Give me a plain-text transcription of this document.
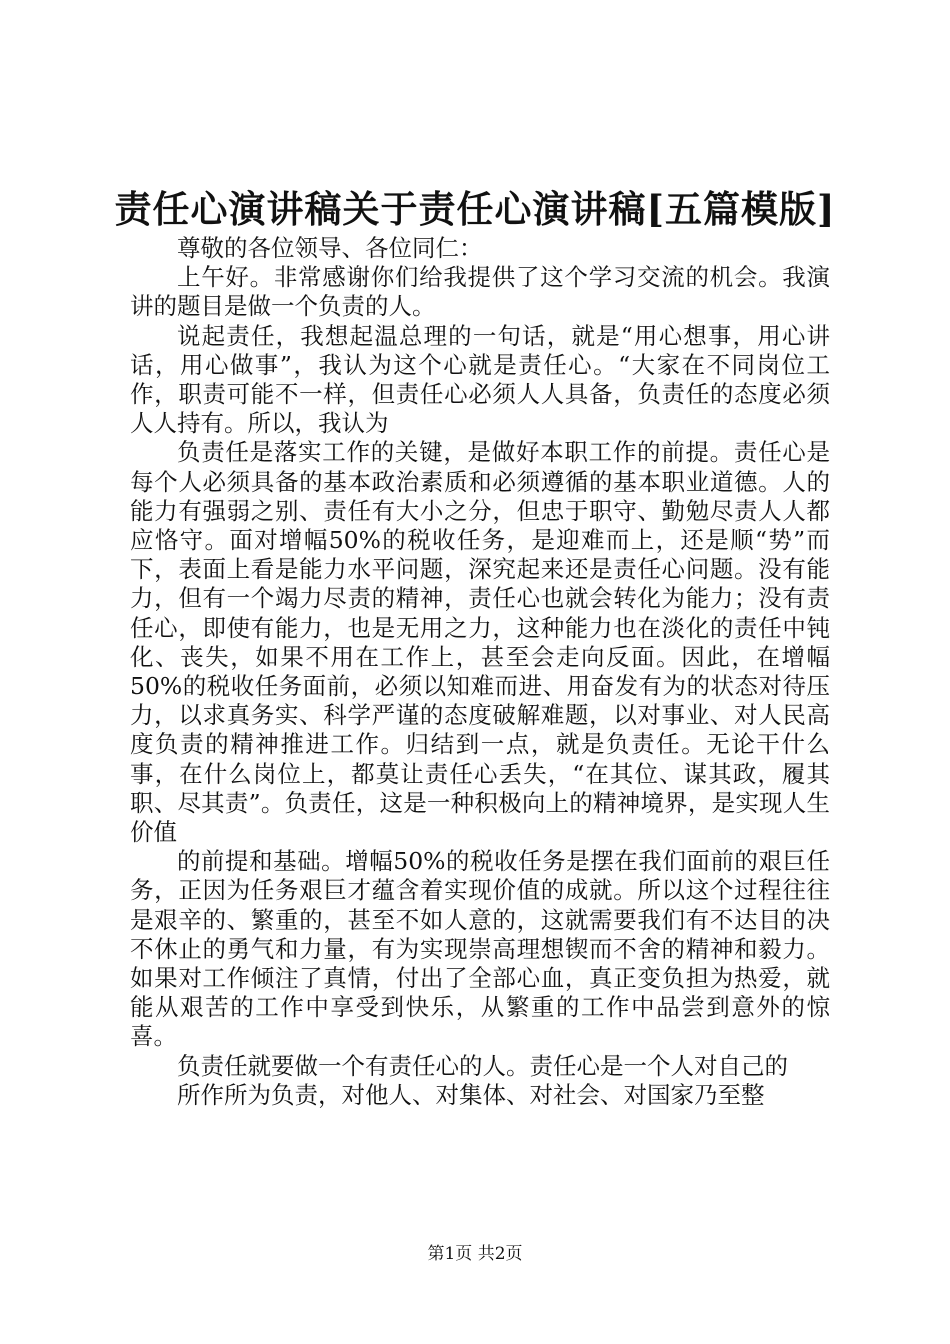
责任心演讲稿关于责任心演讲稿[五篇模版]

尊敬的各位领导、各位同仁：

上午好。非常感谢你们给我提供了这个学习交流的机会。我演讲的题目是做一个负责的人。

说起责任，我想起温总理的一句话，就是“用心想事，用心讲话，用心做事”，我认为这个心就是责任心。“大家在不同岗位工作，职责可能不一样，但责任心必须人人具备，负责任的态度必须人人持有。所以，我认为

负责任是落实工作的关键，是做好本职工作的前提。责任心是每个人必须具备的基本政治素质和必须遵循的基本职业道德。人的能力有强弱之别、责任有大小之分，但忠于职守、勤勉尽责人人都应恪守。面对增幅50%的税收任务，是迎难而上，还是顺“势”而下，表面上看是能力水平问题，深究起来还是责任心问题。没有能力，但有一个竭力尽责的精神，责任心也就会转化为能力；没有责任心，即使有能力，也是无用之力，这种能力也在淡化的责任中钝化、丧失，如果不用在工作上，甚至会走向反面。因此，在增幅50%的税收任务面前，必须以知难而进、用奋发有为的状态对待压力，以求真务实、科学严谨的态度破解难题，以对事业、对人民高度负责的精神推进工作。归结到一点，就是负责任。无论干什么事，在什么岗位上，都莫让责任心丢失，“在其位、谋其政，履其职、尽其责”。负责任，这是一种积极向上的精神境界，是实现人生价值

的前提和基础。增幅50%的税收任务是摆在我们面前的艰巨任务，正因为任务艰巨才蕴含着实现价值的成就。所以这个过程往往是艰辛的、繁重的，甚至不如人意的，这就需要我们有不达目的决不休止的勇气和力量，有为实现崇高理想锲而不舍的精神和毅力。如果对工作倾注了真情，付出了全部心血，真正变负担为热爱，就能从艰苦的工作中享受到快乐，从繁重的工作中品尝到意外的惊喜。

负责任就要做一个有责任心的人。责任心是一个人对自己的

所作所为负责，对他人、对集体、对社会、对国家乃至整

第1页 共2页
